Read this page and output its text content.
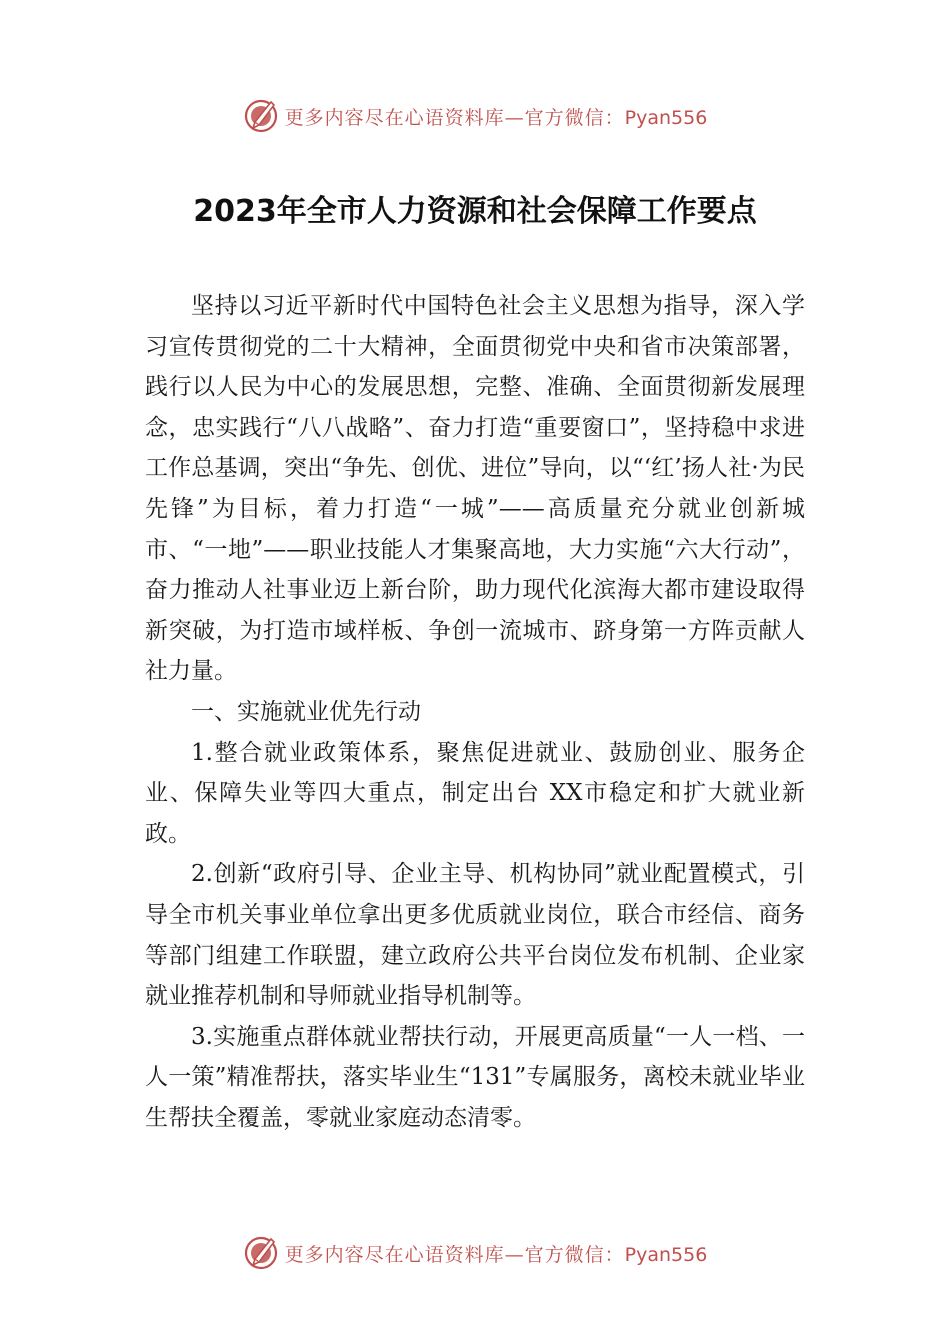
更多内容尽在心语资料库—官方微信：Pyan556
2023年全市人力资源和社会保障工作要点

坚持以习近平新时代中国特色社会主义思想为指导，深入学习宣传贯彻党的二十大精神，全面贯彻党中央和省市决策部署，践行以人民为中心的发展思想，完整、准确、全面贯彻新发展理念，忠实践行“八八战略”、奋力打造“重要窗口”，坚持稳中求进工作总基调，突出“争先、创优、进位”导向，以“‘红’扬人社·为民先锋”为目标，着力打造“一城”——高质量充分就业创新城市、“一地”——职业技能人才集聚高地，大力实施“六大行动”，奋力推动人社事业迈上新台阶，助力现代化滨海大都市建设取得新突破，为打造市域样板、争创一流城市、跻身第一方阵贡献人社力量。

一、实施就业优先行动

1.整合就业政策体系，聚焦促进就业、鼓励创业、服务企业、保障失业等四大重点，制定出台 XX市稳定和扩大就业新政。

2.创新“政府引导、企业主导、机构协同”就业配置模式，引导全市机关事业单位拿出更多优质就业岗位，联合市经信、商务等部门组建工作联盟，建立政府公共平台岗位发布机制、企业家就业推荐机制和导师就业指导机制等。

3.实施重点群体就业帮扶行动，开展更高质量“一人一档、一人一策”精准帮扶，落实毕业生“131”专属服务，离校未就业毕业生帮扶全覆盖，零就业家庭动态清零。

更多内容尽在心语资料库—官方微信：Pyan556
